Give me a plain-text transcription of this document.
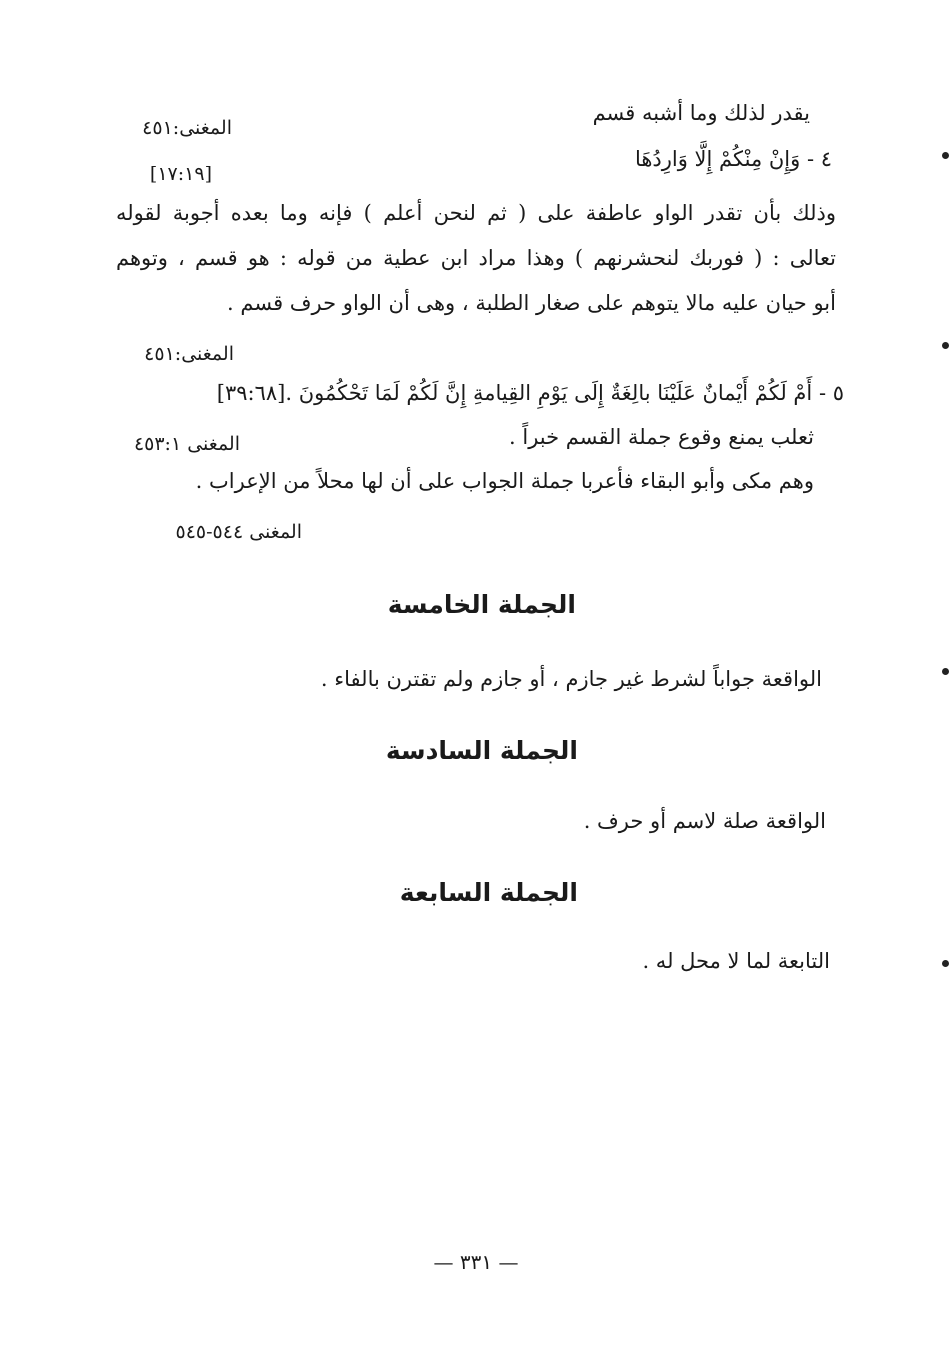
يقدر لذلك وما أشبه قسم
المغنى:٤٥١
٤ - وَإِنْ مِنْكُمْ إِلَّا وَارِدُهَا
[١٧:١٩]
وذلك بأن تقدر الواو عاطفة على ( ثم لنحن أعلم ) فإنه وما بعده أجوبة لقوله
تعالى : ( فوربك لنحشرنهم ) وهذا مراد ابن عطية من قوله : هو قسم ، وتوهم
أبو حيان عليه مالا يتوهم على صغار الطلبة ، وهى أن الواو حرف قسم .
المغنى:٤٥١
٥ - أَمْ لَكُمْ أَيْمانٌ عَلَيْنَا بالِغَةٌ إِلَى يَوْمِ القِيامةِ إِنَّ لَكُمْ لَمَا تَحْكُمُونَ .[٣٩:٦٨]
ثعلب يمنع وقوع جملة القسم خبراً .
المغنى ٤٥٣:١
وهم مكى وأبو البقاء فأعربا جملة الجواب على أن لها محلاً من الإعراب .
المغنى ٥٤٤-٥٤٥
الجملة الخامسة
الواقعة جواباً لشرط غير جازم ، أو جازم ولم تقترن بالفاء .
الجملة السادسة
الواقعة صلة لاسم أو حرف .
الجملة السابعة
التابعة لما لا محل له .
— ٣٣١ —
